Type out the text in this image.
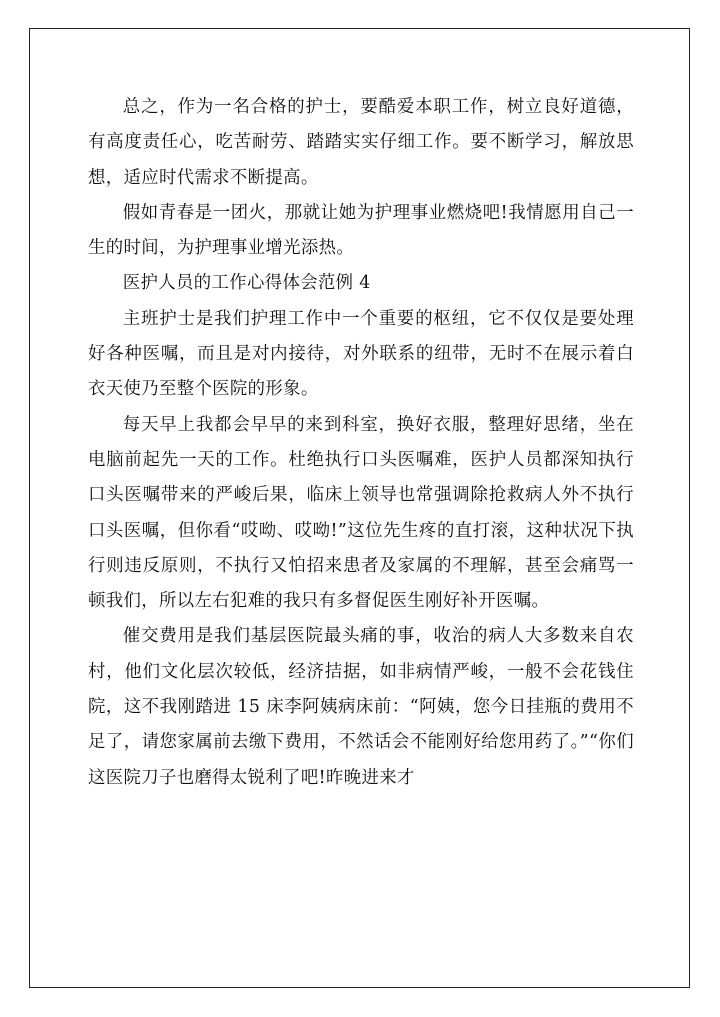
总之，作为一名合格的护士，要酷爱本职工作，树立良好道德，有高度责任心，吃苦耐劳、踏踏实实仔细工作。要不断学习，解放思想，适应时代需求不断提高。

假如青春是一团火，那就让她为护理事业燃烧吧!我情愿用自己一生的时间，为护理事业增光添热。

医护人员的工作心得体会范例 4

主班护士是我们护理工作中一个重要的枢纽，它不仅仅是要处理好各种医嘱，而且是对内接待，对外联系的纽带，无时不在展示着白衣天使乃至整个医院的形象。

每天早上我都会早早的来到科室，换好衣服，整理好思绪，坐在电脑前起先一天的工作。杜绝执行口头医嘱难，医护人员都深知执行口头医嘱带来的严峻后果，临床上领导也常强调除抢救病人外不执行口头医嘱，但你看“哎呦、哎呦!”这位先生疼的直打滚，这种状况下执行则违反原则，不执行又怕招来患者及家属的不理解，甚至会痛骂一顿我们，所以左右犯难的我只有多督促医生刚好补开医嘱。

催交费用是我们基层医院最头痛的事，收治的病人大多数来自农村，他们文化层次较低，经济拮据，如非病情严峻，一般不会花钱住院，这不我刚踏进 15 床李阿姨病床前：“阿姨，您今日挂瓶的费用不足了，请您家属前去缴下费用，不然话会不能刚好给您用药了。”“你们这医院刀子也磨得太锐利了吧!昨晚进来才
